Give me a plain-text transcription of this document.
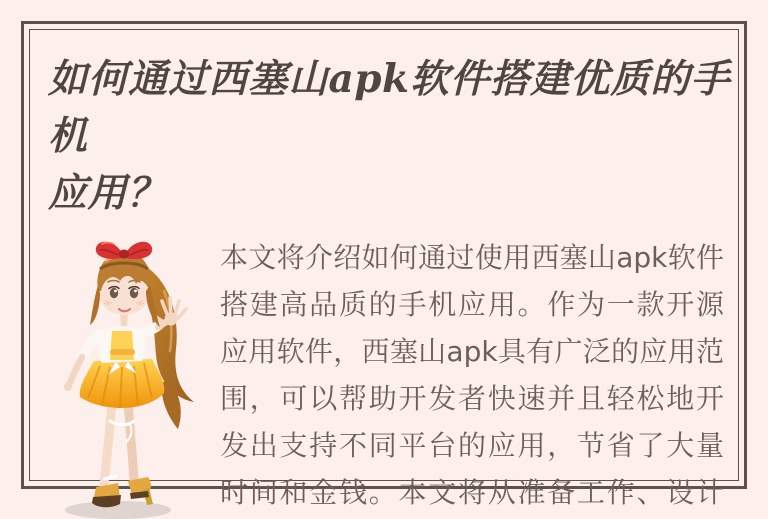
如何通过西塞山apk软件搭建优质的手机
应用？
本文将介绍如何通过使用西塞山apk软件
搭建高品质的手机应用。作为一款开源
应用软件，西塞山apk具有广泛的应用范
围，可以帮助开发者快速并且轻松地开
发出支持不同平台的应用，节省了大量
时间和金钱。本文将从准备工作、设计
